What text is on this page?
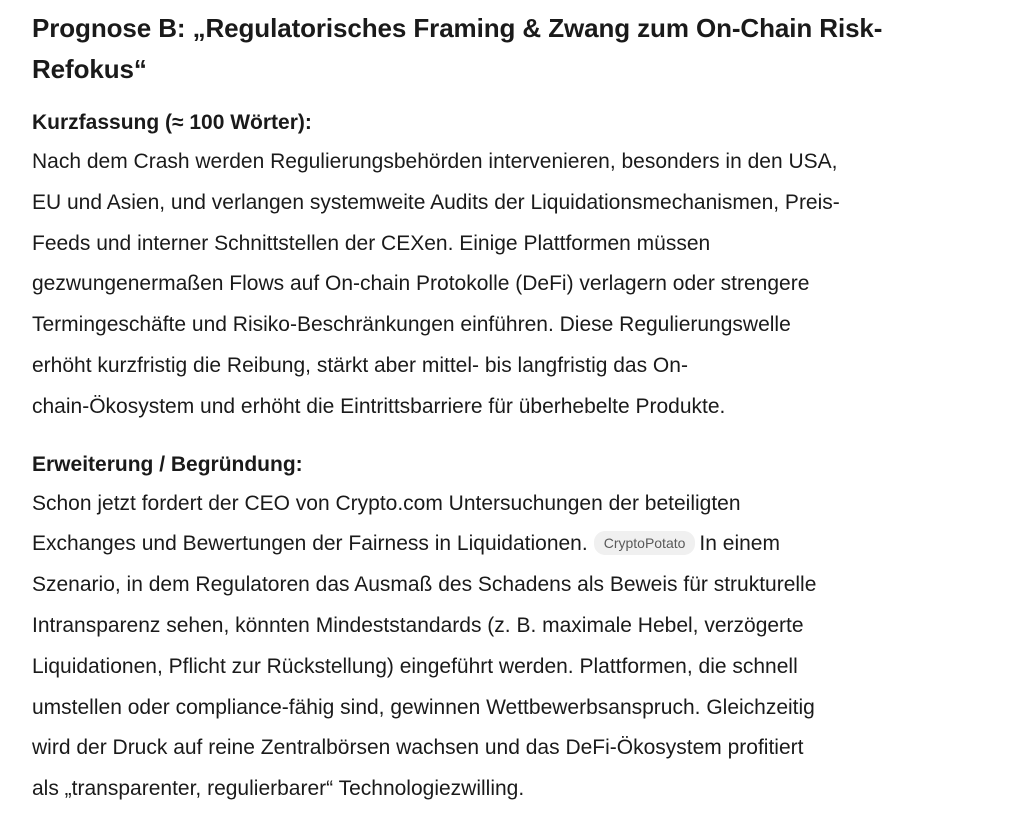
Prognose B: „Regulatorisches Framing & Zwang zum On-Chain Risk-
Refokus“
Kurzfassung (≈ 100 Wörter):
Nach dem Crash werden Regulierungsbehörden intervenieren, besonders in den USA,
EU und Asien, und verlangen systemweite Audits der Liquidationsmechanismen, Preis-
Feeds und interner Schnittstellen der CEXen. Einige Plattformen müssen
gezwungenermaßen Flows auf On-chain Protokolle (DeFi) verlagern oder strengere
Termingeschäfte und Risiko-Beschränkungen einführen. Diese Regulierungswelle
erhöht kurzfristig die Reibung, stärkt aber mittel- bis langfristig das On-
chain-Ökosystem und erhöht die Eintrittsbarriere für überhebelte Produkte.
Erweiterung / Begründung:
Schon jetzt fordert der CEO von Crypto.com Untersuchungen der beteiligten
Exchanges und Bewertungen der Fairness in Liquidationen. CryptoPotato In einem
Szenario, in dem Regulatoren das Ausmaß des Schadens als Beweis für strukturelle
Intransparenz sehen, könnten Mindeststandards (z. B. maximale Hebel, verzögerte
Liquidationen, Pflicht zur Rückstellung) eingeführt werden. Plattformen, die schnell
umstellen oder compliance-fähig sind, gewinnen Wettbewerbsanspruch. Gleichzeitig
wird der Druck auf reine Zentralbörsen wachsen und das DeFi-Ökosystem profitiert
als „transparenter, regulierbarer“ Technologiezwilling.
